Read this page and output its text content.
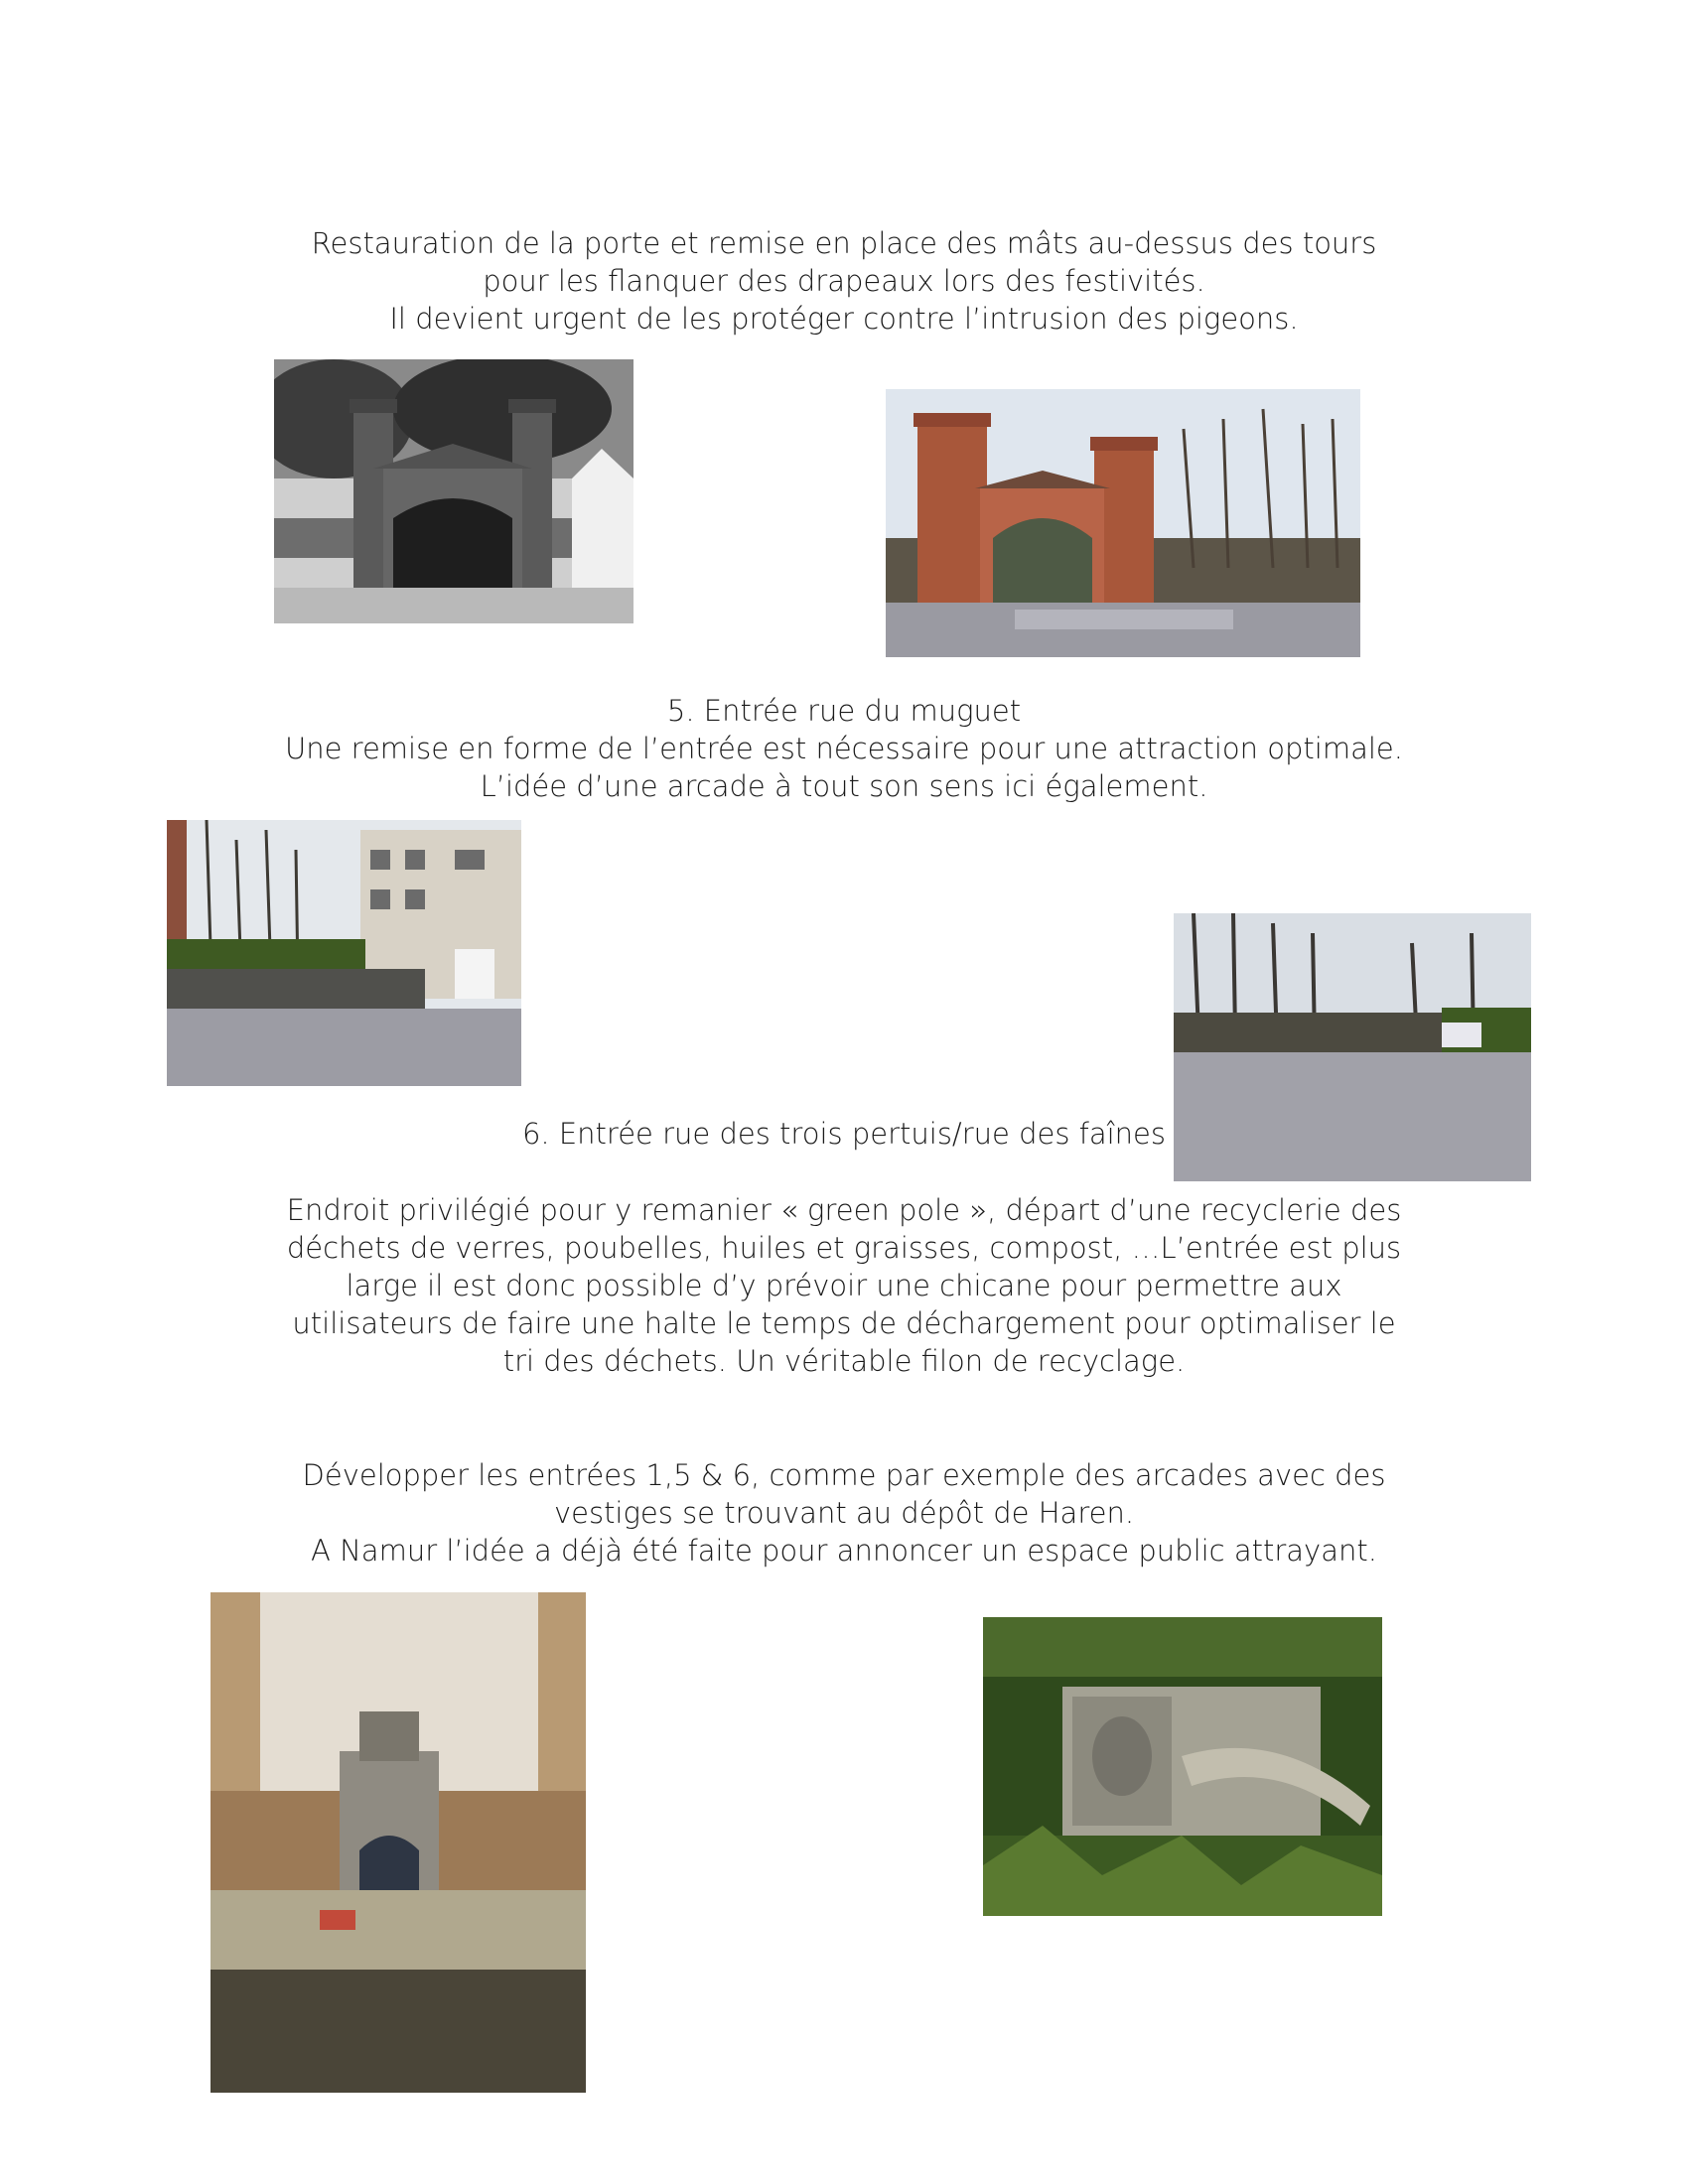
Restauration de la porte et remise en place des mâts au-dessus des tours
pour les flanquer des drapeaux lors des festivités.
Il devient urgent de les protéger contre l’intrusion des pigeons.
5. Entrée rue du muguet
Une remise en forme de l’entrée est nécessaire pour une attraction optimale.
L’idée d’une arcade à tout son sens ici également.
6. Entrée rue des trois pertuis/rue des faînes
Endroit privilégié pour y remanier « green pole », départ d’une recyclerie des
déchets de verres, poubelles, huiles et graisses, compost, …L’entrée est plus
large il est donc possible d’y prévoir une chicane pour permettre aux
utilisateurs de faire une halte le temps de déchargement pour optimaliser le
tri des déchets. Un véritable filon de recyclage.
Développer les entrées 1,5 & 6, comme par exemple des arcades avec des
vestiges se trouvant au dépôt de Haren.
A Namur l’idée a déjà été faite pour annoncer un espace public attrayant.
